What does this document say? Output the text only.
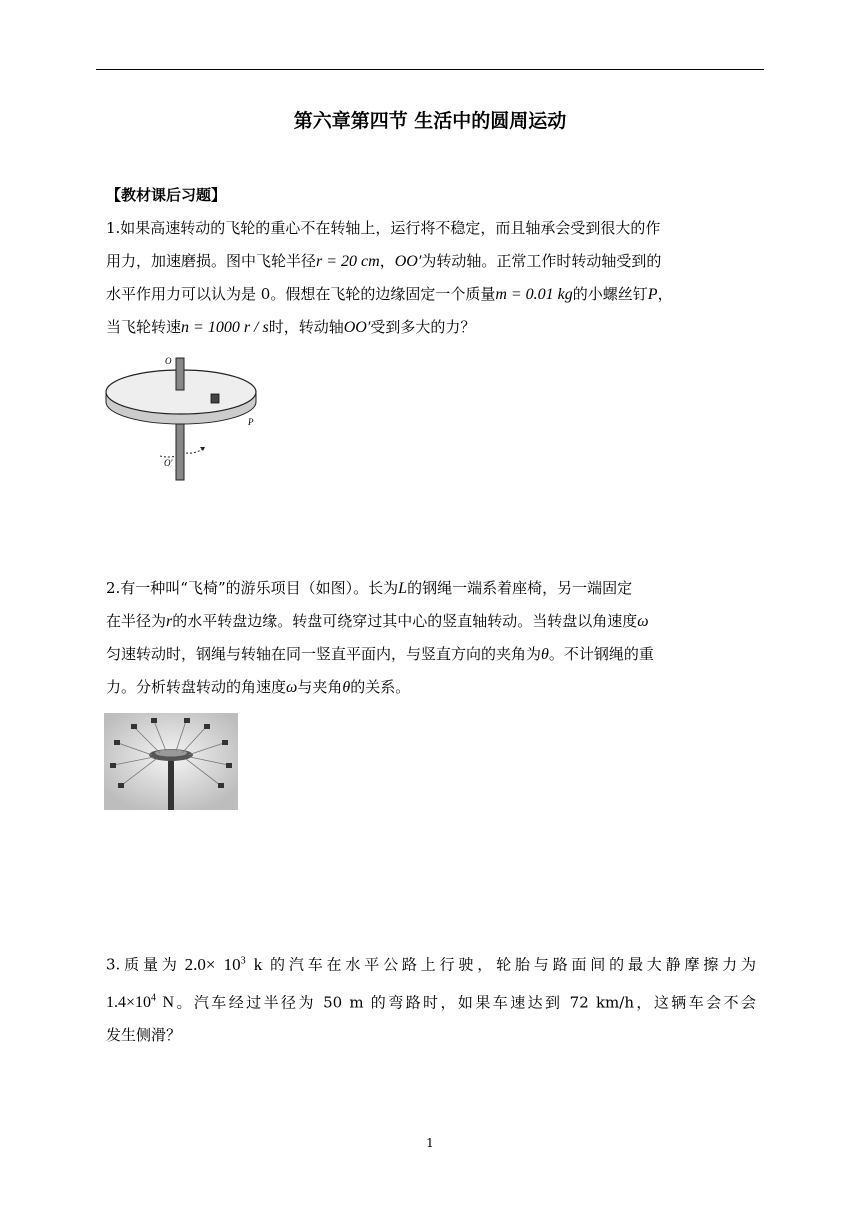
第六章第四节 生活中的圆周运动
【教材课后习题】
1.如果高速转动的飞轮的重心不在转轴上，运行将不稳定，而且轴承会受到很大的作
用力，加速磨损。图中飞轮半径r = 20 cm，OO′为转动轴。正常工作时转动轴受到的
水平作用力可以认为是 0。假想在飞轮的边缘固定一个质量m = 0.01 kg的小螺丝钉P，
当飞轮转速n = 1000 r / s时，转动轴OO′受到多大的力？
O
O′
P
2.有一种叫“飞椅”的游乐项目（如图）。长为L的钢绳一端系着座椅，另一端固定
在半径为r的水平转盘边缘。转盘可绕穿过其中心的竖直轴转动。当转盘以角速度ω
匀速转动时，钢绳与转轴在同一竖直平面内，与竖直方向的夹角为θ。不计钢绳的重
力。分析转盘转动的角速度ω与夹角θ的关系。
3.质量为 $2.0\times 10^3$ k 的汽车在水平公路上行驶，轮胎与路面间的最大静摩擦力为
$1.4\times 10^4$ N。汽车经过半径为 50 m 的弯路时，如果车速达到 72 km/h，这辆车会不会
发生侧滑？
1
